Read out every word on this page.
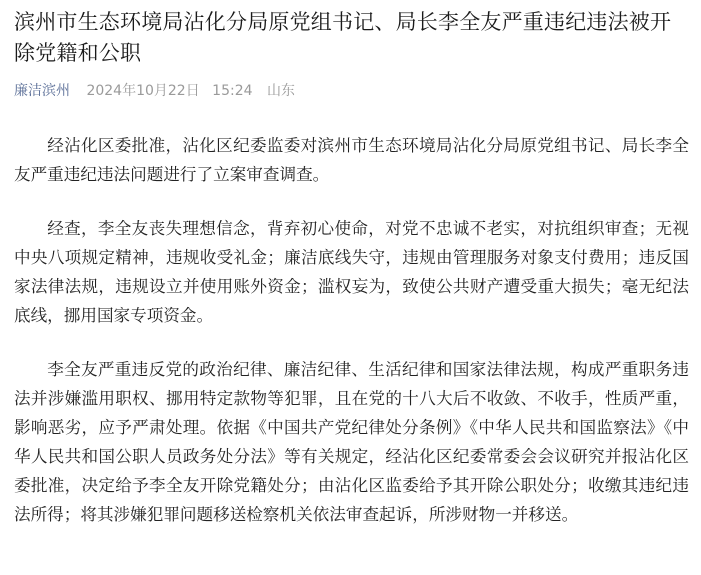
滨州市生态环境局沾化分局原党组书记、局长李全友严重违纪违法被开除党籍和公职
廉洁滨州 2024年10月22日 15:24 山东

经沾化区委批准，沾化区纪委监委对滨州市生态环境局沾化分局原党组书记、局长李全友严重违纪违法问题进行了立案审查调查。

经查，李全友丧失理想信念，背弃初心使命，对党不忠诚不老实，对抗组织审查；无视中央八项规定精神，违规收受礼金；廉洁底线失守，违规由管理服务对象支付费用；违反国家法律法规，违规设立并使用账外资金；滥权妄为，致使公共财产遭受重大损失；毫无纪法底线，挪用国家专项资金。

李全友严重违反党的政治纪律、廉洁纪律、生活纪律和国家法律法规，构成严重职务违法并涉嫌滥用职权、挪用特定款物等犯罪，且在党的十八大后不收敛、不收手，性质严重，影响恶劣，应予严肃处理。依据《中国共产党纪律处分条例》《中华人民共和国监察法》《中华人民共和国公职人员政务处分法》等有关规定，经沾化区纪委常委会会议研究并报沾化区委批准，决定给予李全友开除党籍处分；由沾化区监委给予其开除公职处分；收缴其违纪违法所得；将其涉嫌犯罪问题移送检察机关依法审查起诉，所涉财物一并移送。
